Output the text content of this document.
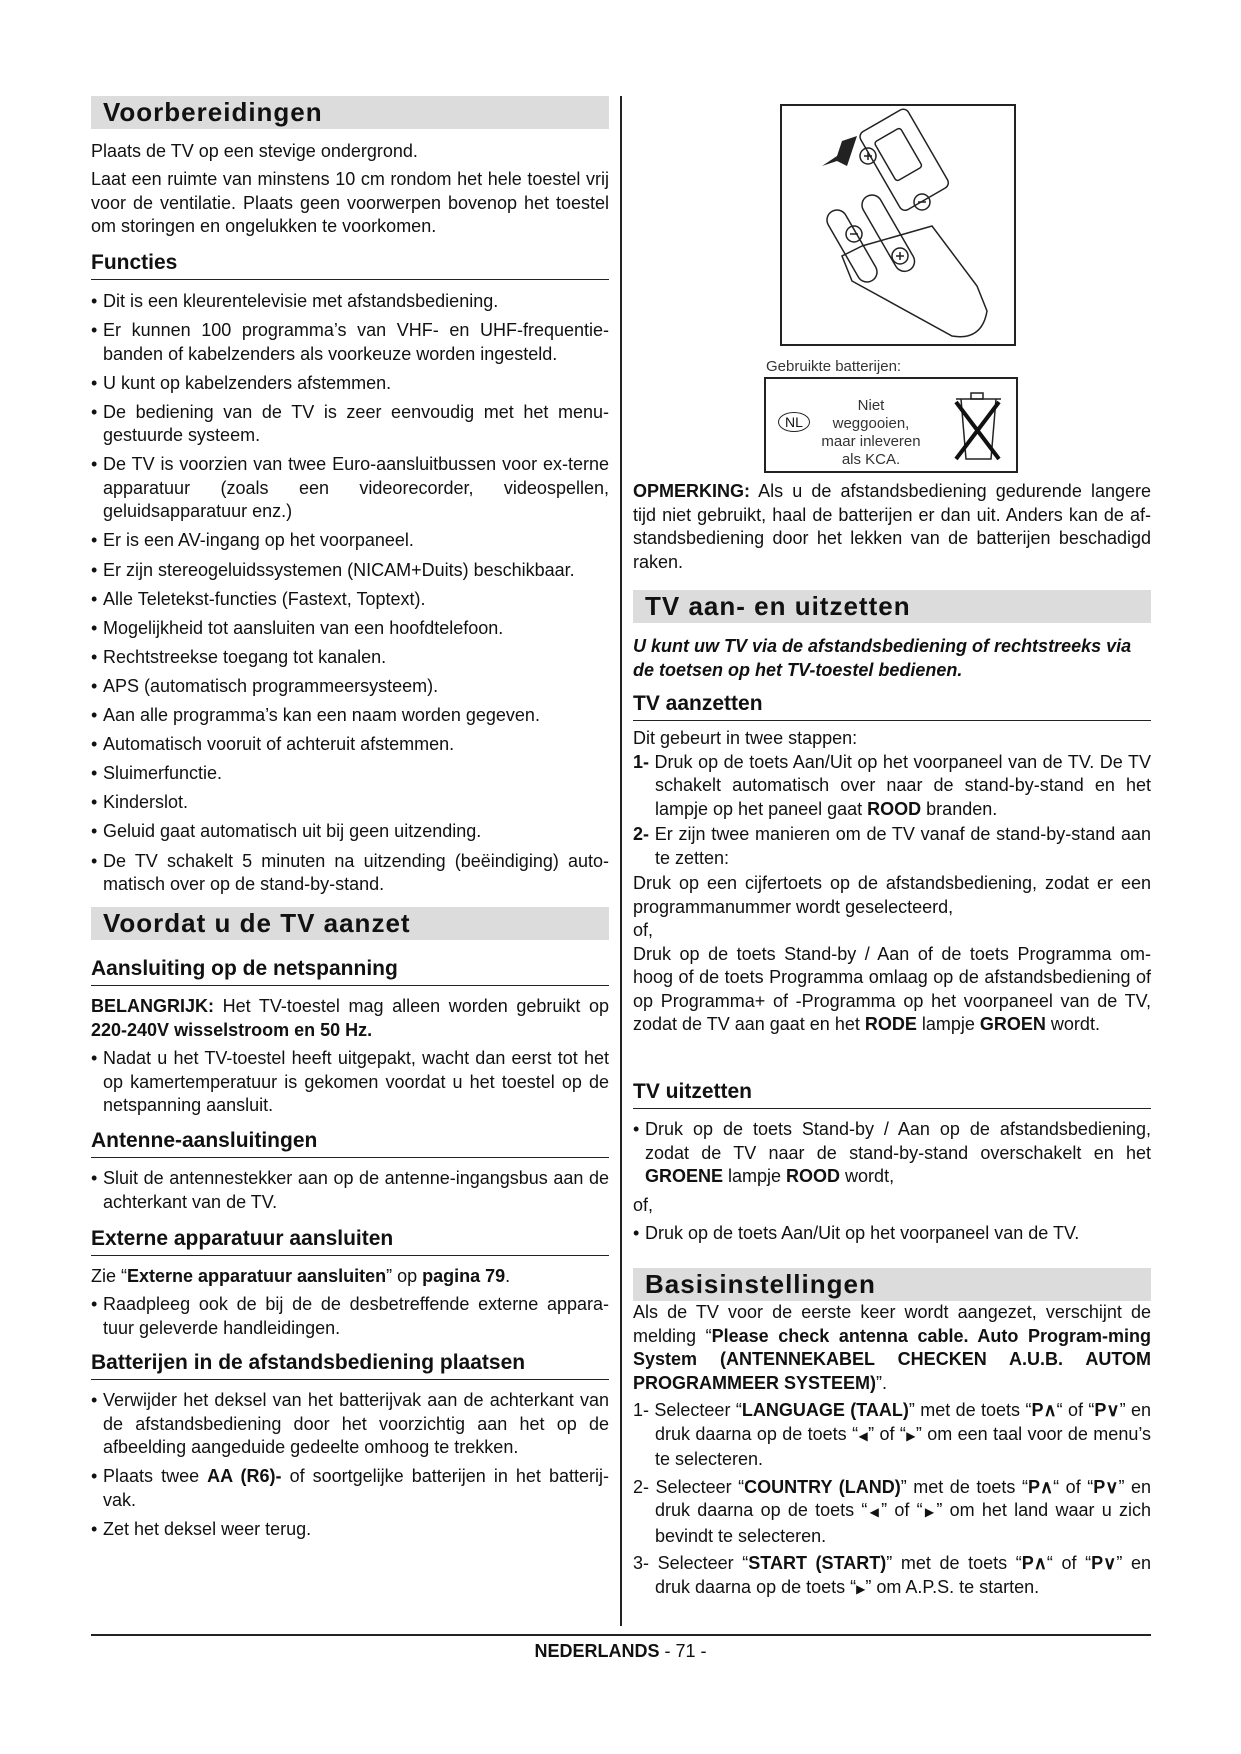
Voorbereidingen

Plaats de TV op een stevige ondergrond.

Laat een ruimte van minstens 10 cm rondom het hele toestel vrij voor de ventilatie. Plaats geen voorwerpen bovenop het toestel om storingen en ongelukken te voorkomen.

Functies
• Dit is een kleurentelevisie met afstandsbediening.
• Er kunnen 100 programma’s van VHF- en UHF-frequentie-banden of kabelzenders als voorkeuze worden ingesteld.
• U kunt op kabelzenders afstemmen.
• De bediening van de TV is zeer eenvoudig met het menu-gestuurde systeem.
• De TV is voorzien van twee Euro-aansluitbussen voor ex-terne apparatuur (zoals een videorecorder, videospellen, geluidsapparatuur enz.)
• Er is een AV-ingang op het voorpaneel.
• Er zijn stereogeluidssystemen (NICAM+Duits) beschikbaar.
• Alle Teletekst-functies (Fastext, Toptext).
• Mogelijkheid tot aansluiten van een hoofdtelefoon.
• Rechtstreekse toegang tot kanalen.
• APS (automatisch programmeersysteem).
• Aan alle programma’s kan een naam worden gegeven.
• Automatisch vooruit of achteruit afstemmen.
• Sluimerfunctie.
• Kinderslot.
• Geluid gaat automatisch uit bij geen uitzending.
• De TV schakelt 5 minuten na uitzending (beëindiging) auto-matisch over op de stand-by-stand.
Voordat u de TV aanzet
Aansluiting op de netspanning

BELANGRIJK: Het TV-toestel mag alleen worden gebruikt op 220-240V wisselstroom en 50 Hz.

• Nadat u het TV-toestel heeft uitgepakt, wacht dan eerst tot het op kamertemperatuur is gekomen voordat u het toestel op de netspanning aansluit.
Antenne-aansluitingen
• Sluit de antennestekker aan op de antenne-ingangsbus aan de achterkant van de TV.
Externe apparatuur aansluiten

Zie “Externe apparatuur aansluiten” op pagina 79.

• Raadpleeg ook de bij de de desbetreffende externe appara-tuur geleverde handleidingen.
Batterijen in de afstandsbediening plaatsen
• Verwijder het deksel van het batterijvak aan de achterkant van de afstandsbediening door het voorzichtig aan het op de afbeelding aangeduide gedeelte omhoog te trekken.
• Plaats twee AA (R6)- of soortgelijke batterijen in het batterij-vak.
• Zet het deksel weer terug.
Gebruikte batterijen:
NL
Niet weggooien, maar inleveren als KCA.

OPMERKING: Als u de afstandsbediening gedurende langere tijd niet gebruikt, haal de batterijen er dan uit. Anders kan de af-standsbediening door het lekken van de batterijen beschadigd raken.

TV aan- en uitzetten

U kunt uw TV via de afstandsbediening of rechtstreeks via de toetsen op het TV-toestel bedienen.

TV aanzetten

Dit gebeurt in twee stappen:

1- Druk op de toets Aan/Uit op het voorpaneel van de TV. De TV schakelt automatisch over naar de stand-by-stand en het lampje op het paneel gaat ROOD branden.

2- Er zijn twee manieren om de TV vanaf de stand-by-stand aan te zetten:

Druk op een cijfertoets op de afstandsbediening, zodat er een programmanummer wordt geselecteerd,

of,

Druk op de toets Stand-by / Aan of de toets Programma om-hoog of de toets Programma omlaag op de afstandsbediening of op Programma+ of -Programma op het voorpaneel van de TV, zodat de TV aan gaat en het RODE lampje GROEN wordt.

TV uitzetten
• Druk op de toets Stand-by / Aan op de afstandsbediening, zodat de TV naar de stand-by-stand overschakelt en het GROENE lampje ROOD wordt,

of,

• Druk op de toets Aan/Uit op het voorpaneel van de TV.
Basisinstellingen

Als de TV voor de eerste keer wordt aangezet, verschijnt de melding “Please check antenna cable. Auto Program-ming System (ANTENNEKABEL CHECKEN A.U.B. AUTOM PROGRAMMEER SYSTEEM)”.

1- Selecteer “LANGUAGE (TAAL)” met de toets “P∧“ of “P∨” en druk daarna op de toets “◀” of “▶” om een taal voor de menu’s te selecteren.

2- Selecteer “COUNTRY (LAND)” met de toets “P∧“ of “P∨” en druk daarna op de toets “◀” of “▶” om het land waar u zich bevindt te selecteren.

3- Selecteer “START (START)” met de toets “P∧“ of “P∨” en druk daarna op de toets “▶” om A.P.S. te starten.

NEDERLANDS - 71 -
